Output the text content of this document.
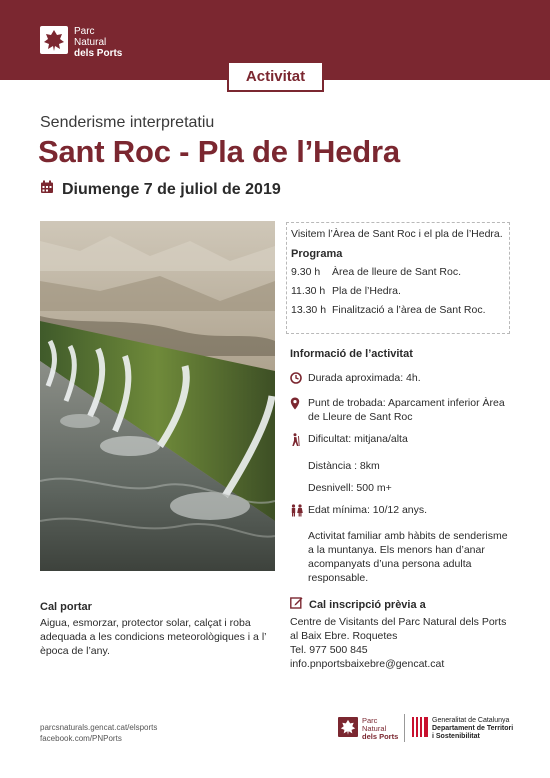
Parc
Natural
dels Ports
Activitat
Senderisme interpretatiu
Sant Roc - Pla de l’Hedra
Diumenge 7 de juliol de 2019
Visitem l’Àrea de Sant Roc i el pla de l’Hedra.
Programa
9.30 h	Àrea de lleure de Sant Roc.
11.30 h Pla de l’Hedra.
13.30 h Finalització a l’àrea de Sant Roc.
Informació de l’activitat
Durada aproximada: 4h.
Punt de trobada: Aparcament inferior Àrea de Lleure de Sant Roc
Dificultat: mitjana/alta
Distància : 8km
Desnivell: 500 m+
Edat mínima: 10/12 anys.
Activitat familiar amb hàbits de senderisme a la muntanya. Els menors han d’anar acompanyats d’una persona adulta responsable.
Cal portar
Aigua, esmorzar, protector solar, calçat i roba adequada a les condicions meteorològiques i a l’ època de l’any.
Cal inscripció prèvia a
Centre de Visitants del Parc Natural dels Ports al Baix Ebre. Roquetes
Tel. 977 500 845
info.pnportsbaixebre@gencat.cat
parcsnaturals.gencat.cat/elsports
facebook.com/PNPorts
Parc
Natural
dels Ports
Generalitat de Catalunya
Departament de Territori
i Sostenibilitat
